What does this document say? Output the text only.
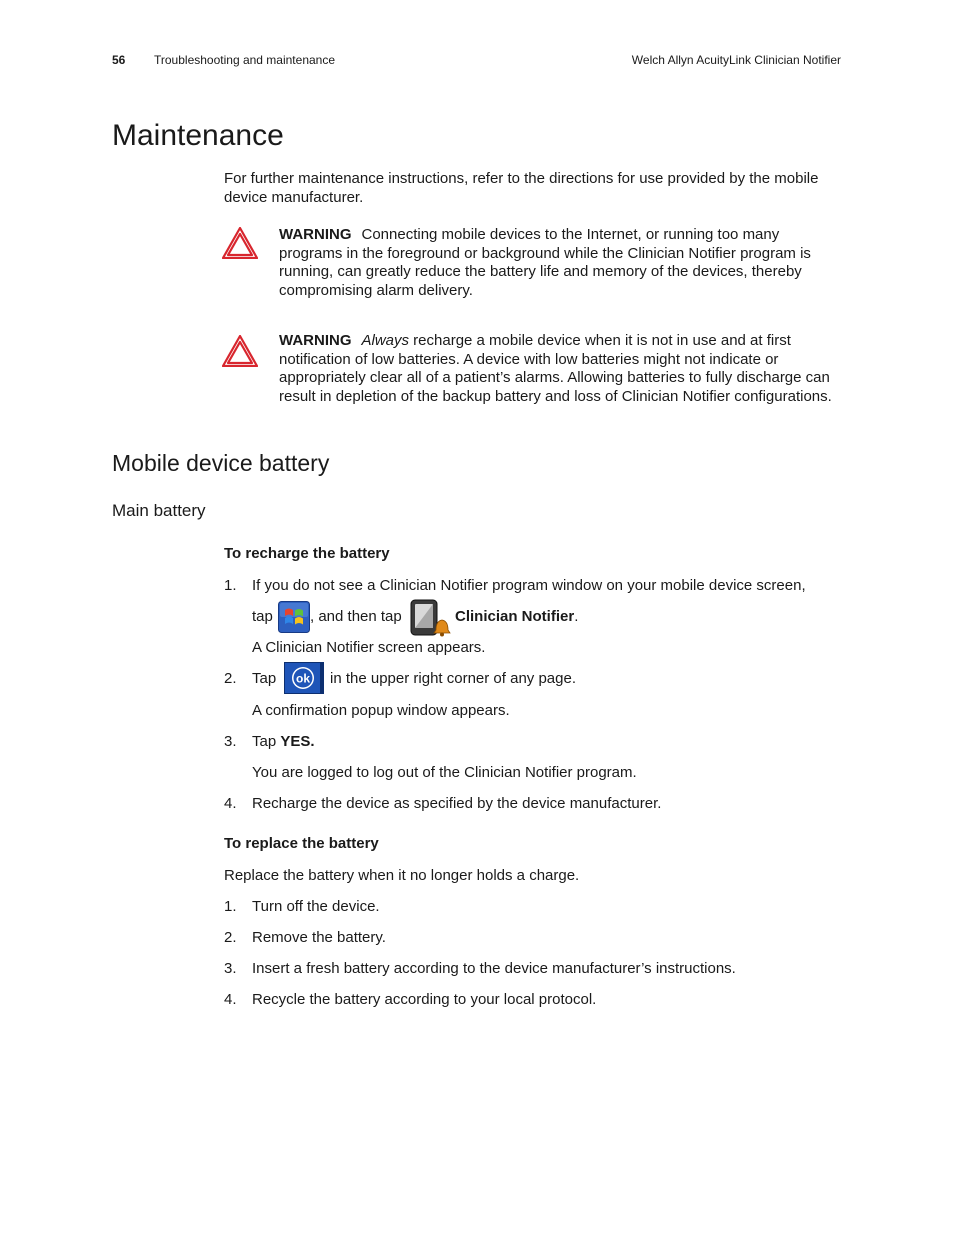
56 Troubleshooting and maintenance	Welch Allyn AcuityLink Clinician Notifier
Maintenance

For further maintenance instructions, refer to the directions for use provided by the mobile device manufacturer.

WARNING Connecting mobile devices to the Internet, or running too many programs in the foreground or background while the Clinician Notifier program is running, can greatly reduce the battery life and memory of the devices, thereby compromising alarm delivery.

WARNING Always recharge a mobile device when it is not in use and at first notification of low batteries. A device with low batteries might not indicate or appropriately clear all of a patient’s alarms. Allowing batteries to fully discharge can result in depletion of the backup battery and loss of Clinician Notifier configurations.

Mobile device battery
Main battery

To recharge the battery

1. If you do not see a Clinician Notifier program window on your mobile device screen,

tap , and then tap	Clinician Notifier.

A Clinician Notifier screen appears.

2. Tap ok in the upper right corner of any page.

A confirmation popup window appears.

3. Tap YES.

You are logged to log out of the Clinician Notifier program.

4. Recharge the device as specified by the device manufacturer.

To replace the battery

Replace the battery when it no longer holds a charge.

1. Turn off the device.

2. Remove the battery.

3. Insert a fresh battery according to the device manufacturer’s instructions.

4. Recycle the battery according to your local protocol.
